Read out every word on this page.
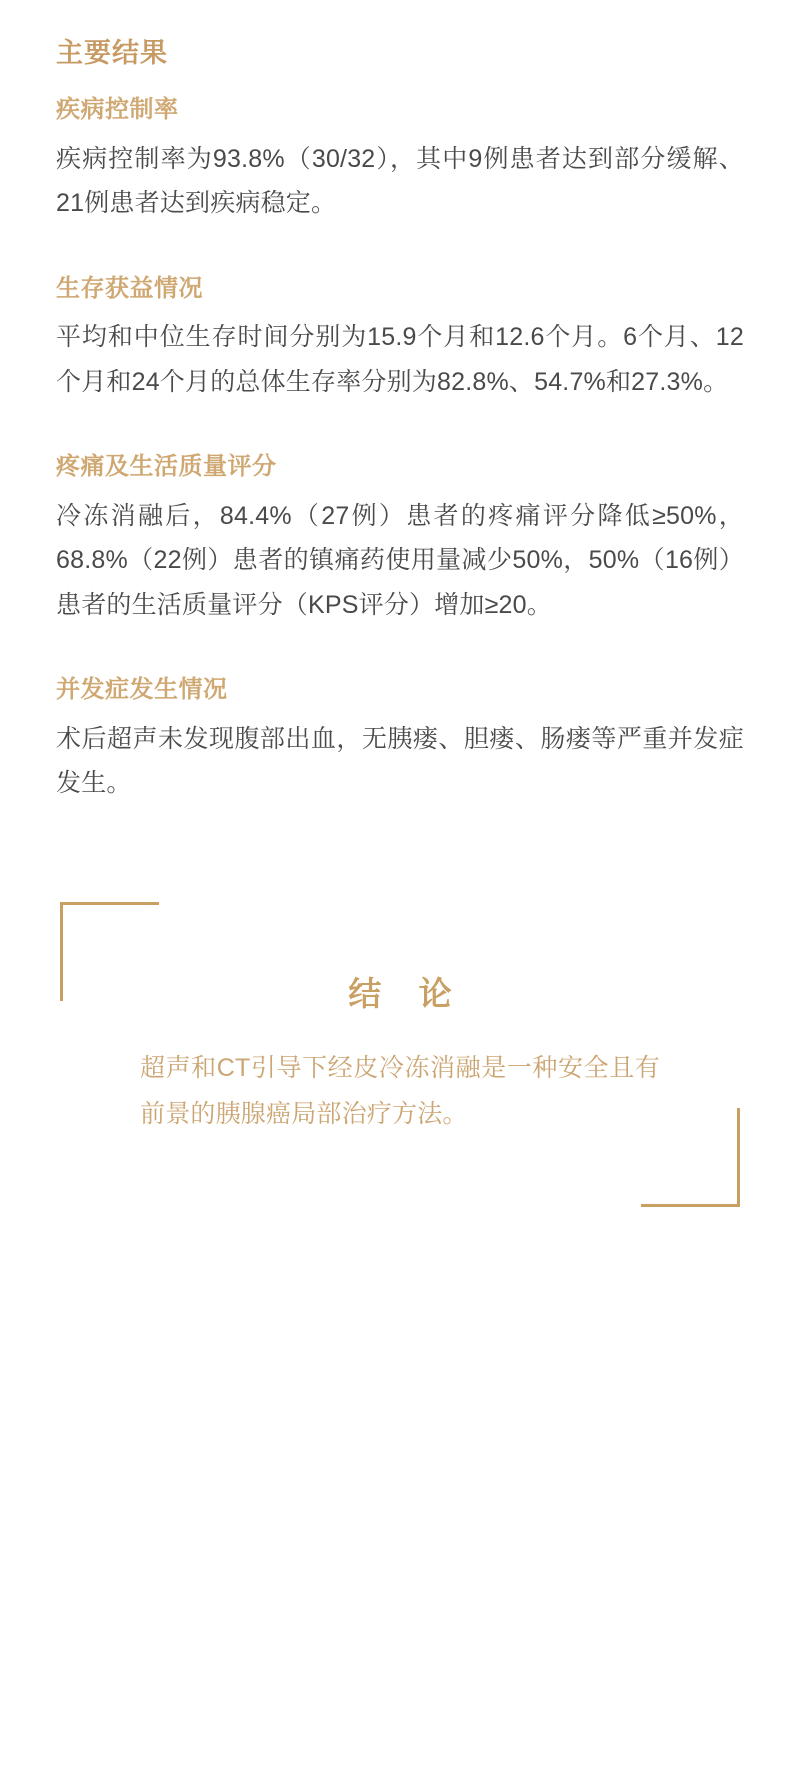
主要结果
疾病控制率

疾病控制率为93.8%（30/32），其中9例患者达到部分缓解、21例患者达到疾病稳定。

生存获益情况

平均和中位生存时间分别为15.9个月和12.6个月。6个月、12个月和24个月的总体生存率分别为82.8%、54.7%和27.3%。

疼痛及生活质量评分

冷冻消融后，84.4%（27例）患者的疼痛评分降低≥50%，68.8%（22例）患者的镇痛药使用量减少50%，50%（16例）患者的生活质量评分（KPS评分）增加≥20。

并发症发生情况

术后超声未发现腹部出血，无胰瘘、胆瘘、肠瘘等严重并发症发生。

结 论

超声和CT引导下经皮冷冻消融是一种安全且有前景的胰腺癌局部治疗方法。
